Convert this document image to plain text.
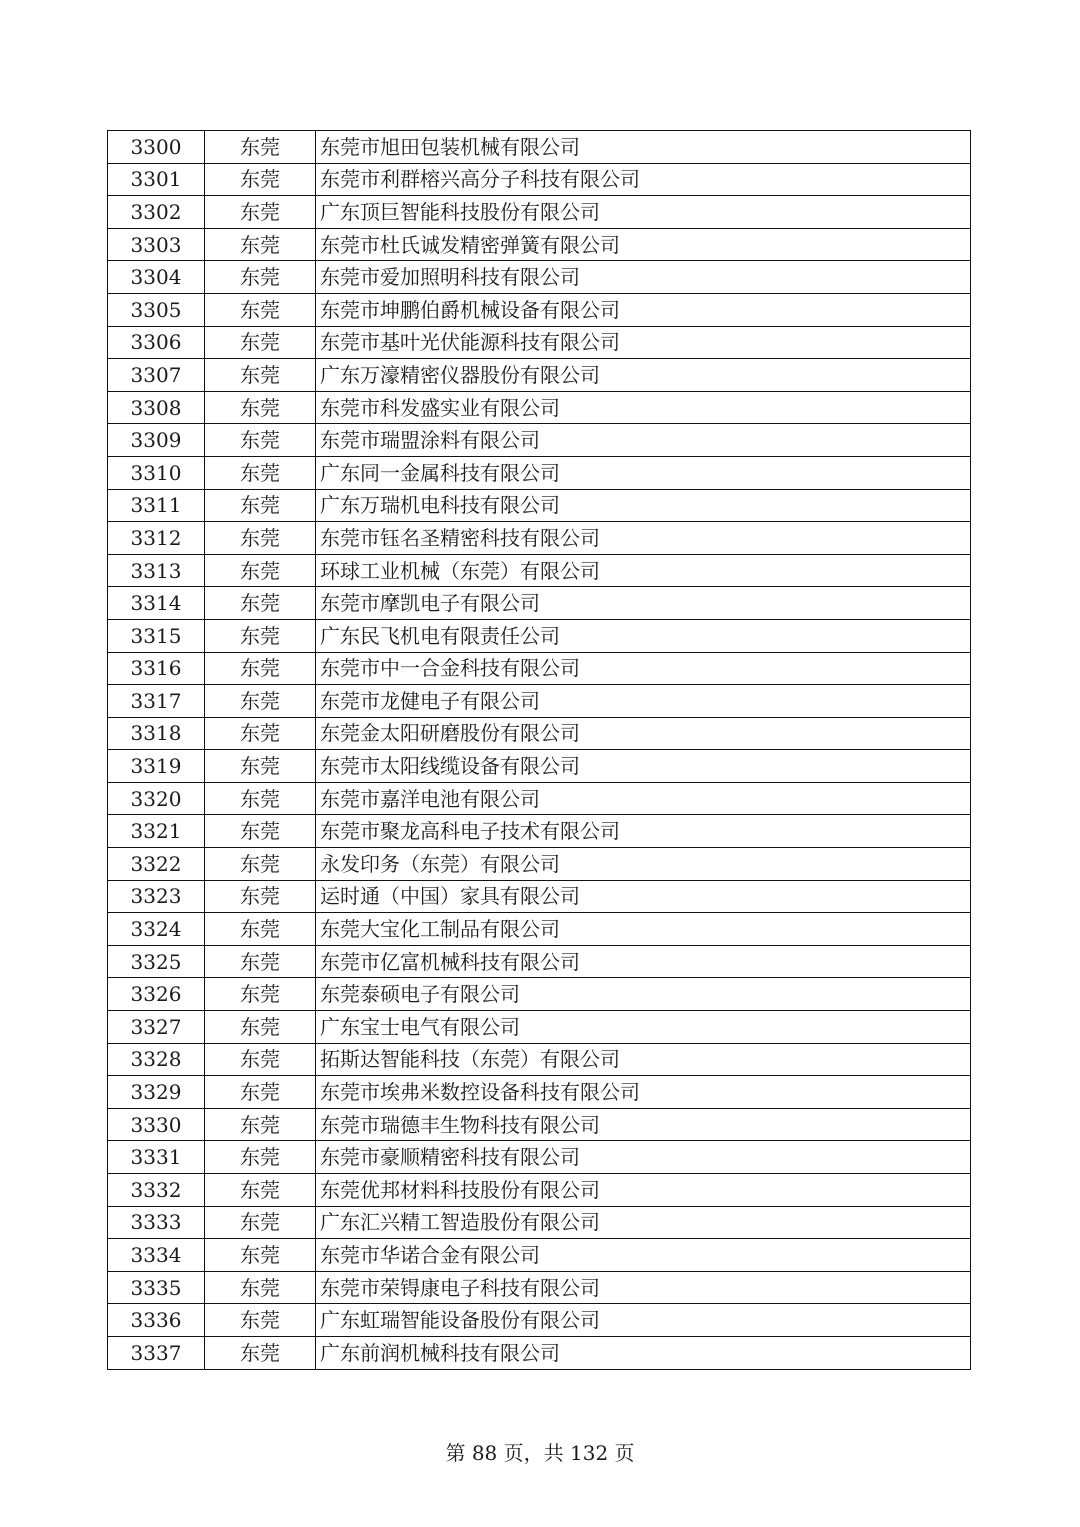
3300	东莞	东莞市旭田包装机械有限公司
3301	东莞	东莞市利群榕兴高分子科技有限公司
3302	东莞	广东顶巨智能科技股份有限公司
3303	东莞	东莞市杜氏诚发精密弹簧有限公司
3304	东莞	东莞市爱加照明科技有限公司
3305	东莞	东莞市坤鹏伯爵机械设备有限公司
3306	东莞	东莞市基叶光伏能源科技有限公司
3307	东莞	广东万濠精密仪器股份有限公司
3308	东莞	东莞市科发盛实业有限公司
3309	东莞	东莞市瑞盟涂料有限公司
3310	东莞	广东同一金属科技有限公司
3311	东莞	广东万瑞机电科技有限公司
3312	东莞	东莞市钰名圣精密科技有限公司
3313	东莞	环球工业机械（东莞）有限公司
3314	东莞	东莞市摩凯电子有限公司
3315	东莞	广东民飞机电有限责任公司
3316	东莞	东莞市中一合金科技有限公司
3317	东莞	东莞市龙健电子有限公司
3318	东莞	东莞金太阳研磨股份有限公司
3319	东莞	东莞市太阳线缆设备有限公司
3320	东莞	东莞市嘉洋电池有限公司
3321	东莞	东莞市聚龙高科电子技术有限公司
3322	东莞	永发印务（东莞）有限公司
3323	东莞	运时通（中国）家具有限公司
3324	东莞	东莞大宝化工制品有限公司
3325	东莞	东莞市亿富机械科技有限公司
3326	东莞	东莞泰硕电子有限公司
3327	东莞	广东宝士电气有限公司
3328	东莞	拓斯达智能科技（东莞）有限公司
3329	东莞	东莞市埃弗米数控设备科技有限公司
3330	东莞	东莞市瑞德丰生物科技有限公司
3331	东莞	东莞市豪顺精密科技有限公司
3332	东莞	东莞优邦材料科技股份有限公司
3333	东莞	广东汇兴精工智造股份有限公司
3334	东莞	东莞市华诺合金有限公司
3335	东莞	东莞市荣锝康电子科技有限公司
3336	东莞	广东虹瑞智能设备股份有限公司
3337	东莞	广东前润机械科技有限公司
第 88 页，共 132 页
